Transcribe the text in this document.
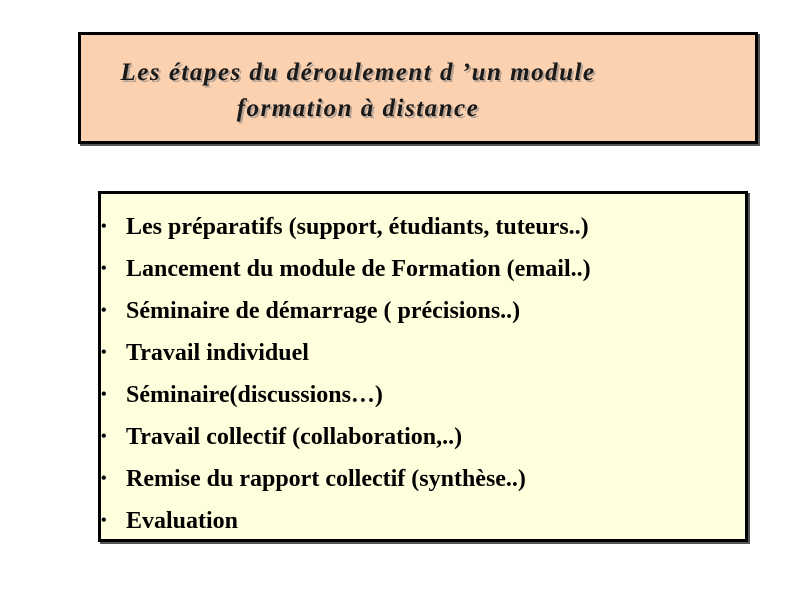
Les étapes du déroulement d ’un module
formation à distance
• Les préparatifs (support, étudiants, tuteurs..)
• Lancement du module de Formation (email..)
• Séminaire de démarrage ( précisions..)
• Travail individuel
• Séminaire(discussions…)
• Travail collectif (collaboration,..)
• Remise du rapport collectif (synthèse..)
• Evaluation
